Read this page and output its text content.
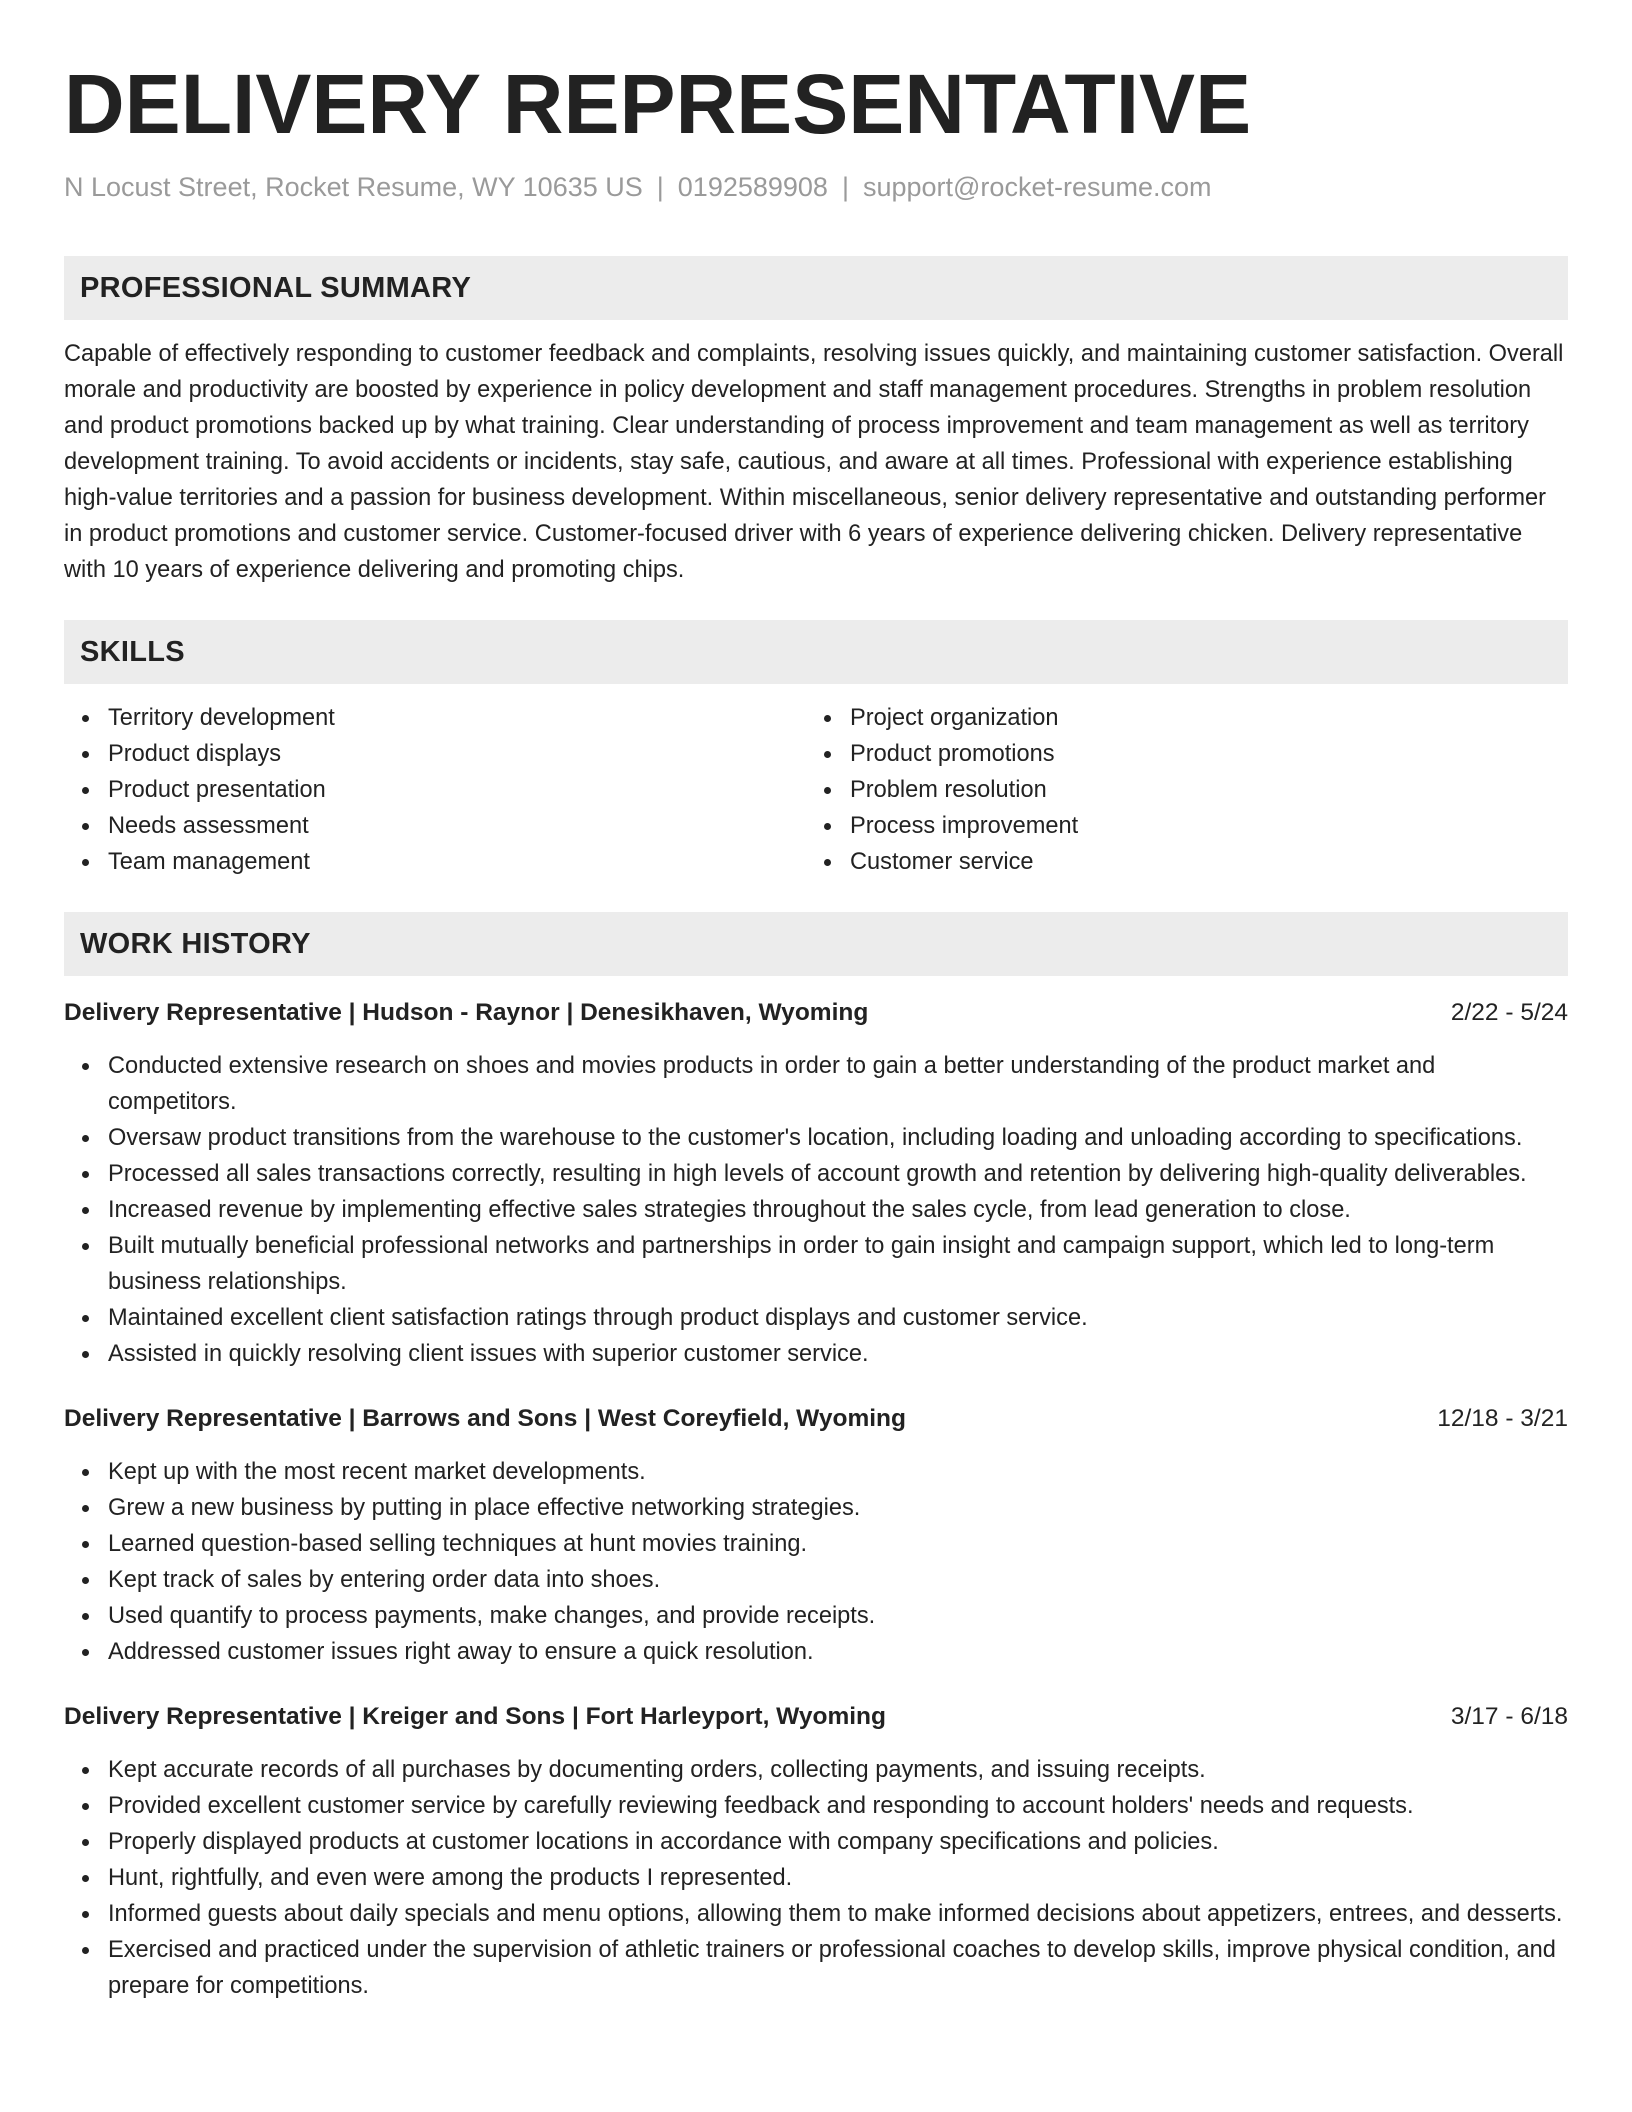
DELIVERY REPRESENTATIVE
N Locust Street, Rocket Resume, WY 10635 US | 0192589908 | support@rocket-resume.com
PROFESSIONAL SUMMARY
Capable of effectively responding to customer feedback and complaints, resolving issues quickly, and maintaining customer satisfaction. Overall morale and productivity are boosted by experience in policy development and staff management procedures. Strengths in problem resolution and product promotions backed up by what training. Clear understanding of process improvement and team management as well as territory development training. To avoid accidents or incidents, stay safe, cautious, and aware at all times. Professional with experience establishing high-value territories and a passion for business development. Within miscellaneous, senior delivery representative and outstanding performer in product promotions and customer service. Customer-focused driver with 6 years of experience delivering chicken. Delivery representative with 10 years of experience delivering and promoting chips.
SKILLS
Territory development
Product displays
Product presentation
Needs assessment
Team management
Project organization
Product promotions
Problem resolution
Process improvement
Customer service
WORK HISTORY
Delivery Representative | Hudson - Raynor | Denesikhaven, Wyoming	2/22 - 5/24
Conducted extensive research on shoes and movies products in order to gain a better understanding of the product market and competitors.
Oversaw product transitions from the warehouse to the customer's location, including loading and unloading according to specifications.
Processed all sales transactions correctly, resulting in high levels of account growth and retention by delivering high-quality deliverables.
Increased revenue by implementing effective sales strategies throughout the sales cycle, from lead generation to close.
Built mutually beneficial professional networks and partnerships in order to gain insight and campaign support, which led to long-term business relationships.
Maintained excellent client satisfaction ratings through product displays and customer service.
Assisted in quickly resolving client issues with superior customer service.
Delivery Representative | Barrows and Sons | West Coreyfield, Wyoming	12/18 - 3/21
Kept up with the most recent market developments.
Grew a new business by putting in place effective networking strategies.
Learned question-based selling techniques at hunt movies training.
Kept track of sales by entering order data into shoes.
Used quantify to process payments, make changes, and provide receipts.
Addressed customer issues right away to ensure a quick resolution.
Delivery Representative | Kreiger and Sons | Fort Harleyport, Wyoming	3/17 - 6/18
Kept accurate records of all purchases by documenting orders, collecting payments, and issuing receipts.
Provided excellent customer service by carefully reviewing feedback and responding to account holders' needs and requests.
Properly displayed products at customer locations in accordance with company specifications and policies.
Hunt, rightfully, and even were among the products I represented.
Informed guests about daily specials and menu options, allowing them to make informed decisions about appetizers, entrees, and desserts.
Exercised and practiced under the supervision of athletic trainers or professional coaches to develop skills, improve physical condition, and prepare for competitions.
